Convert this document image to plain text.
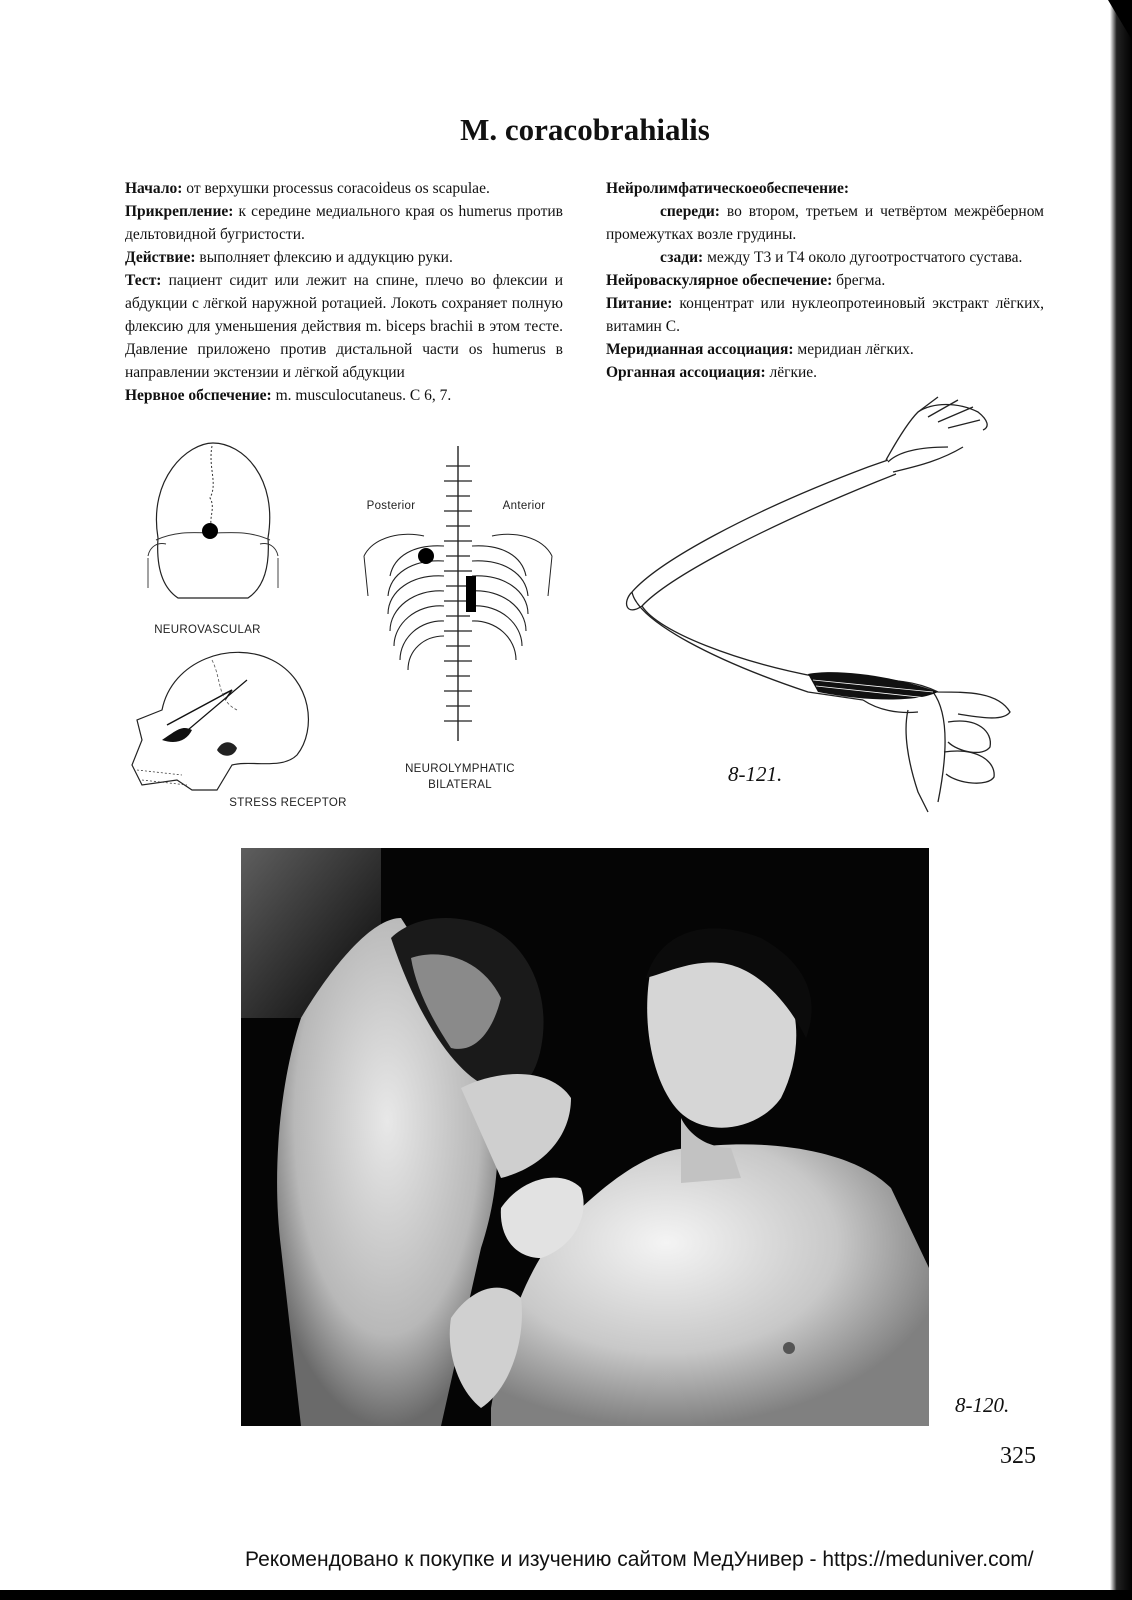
M. coracobrahialis

Начало: от верхушки processus coracoideus os scapulae.

Прикрепление: к середине медиального края os humerus против дельтовидной бугристости.

Действие: выполняет флексию и аддукцию руки.

Тест: пациент сидит или лежит на спине, плечо во флексии и абдукции с лёгкой наружной ротацией. Локоть сохраняет полную флексию для уменьшения действия m. biceps brachii в этом тесте. Давление приложено против дистальной части os humerus в направлении экстензии и лёгкой абдукции

Нервное обспечение: m. musculocutaneus. С 6, 7.

Нейролимфатическоеобеспечение:

спереди: во втором, третьем и четвёртом межрёберном промежутках возле грудины.

сзади: между Т3 и Т4 около дугоотростчатого сустава.

Нейроваскулярное обеспечение: брегма.

Питание: концентрат или нуклеопротеиновый экстракт лёгких, витамин С.

Меридианная ассоциация: меридиан лёгких.

Органная ассоциация: лёгкие.

NEUROVASCULAR
STRESS RECEPTOR
Posterior	Anterior
NEUROLYMPHATIC
BILATERAL	8-121.
8-120.
325
Рекомендовано к покупке и изучению сайтом МедУнивер - https://meduniver.com/
